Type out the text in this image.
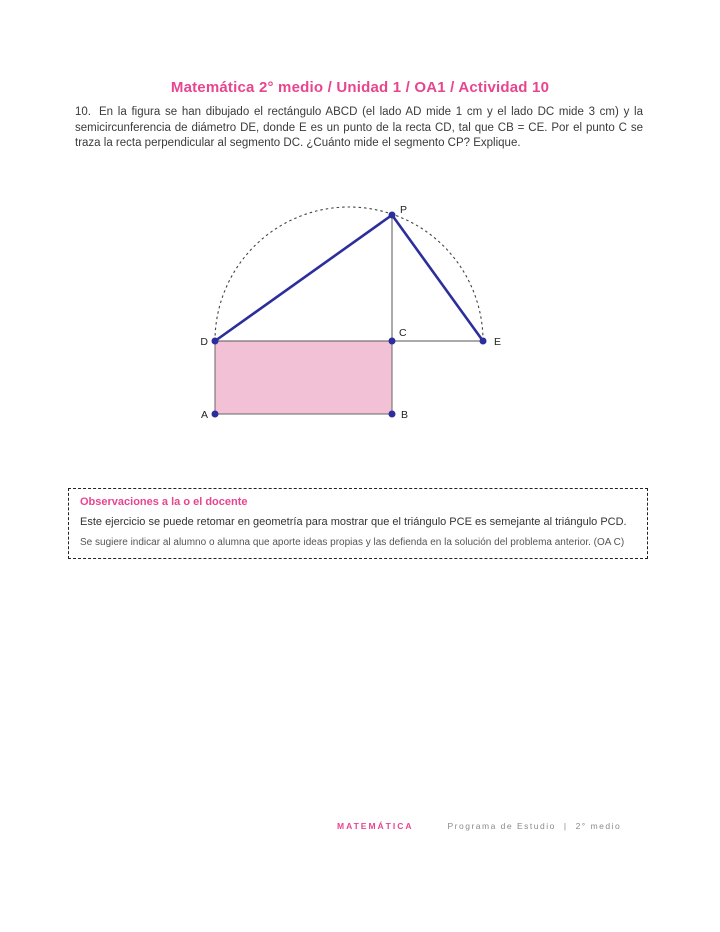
Matemática 2° medio / Unidad 1 / OA1 / Actividad 10
10. En la figura se han dibujado el rectángulo ABCD (el lado AD mide 1 cm y el lado DC mide 3 cm) y la semicircunferencia de diámetro DE, donde E es un punto de la recta CD, tal que CB = CE. Por el punto C se traza la recta perpendicular al segmento DC. ¿Cuánto mide el segmento CP? Explique.
D
C
E
P
A	B
Observaciones a la o el docente
Este ejercicio se puede retomar en geometría para mostrar que el triángulo PCE es semejante al triángulo PCD.
Se sugiere indicar al alumno o alumna que aporte ideas propias y las defienda en la solución del problema anterior. (OA C)
MATEMÁTICA	Programa de Estudio | 2° medio
